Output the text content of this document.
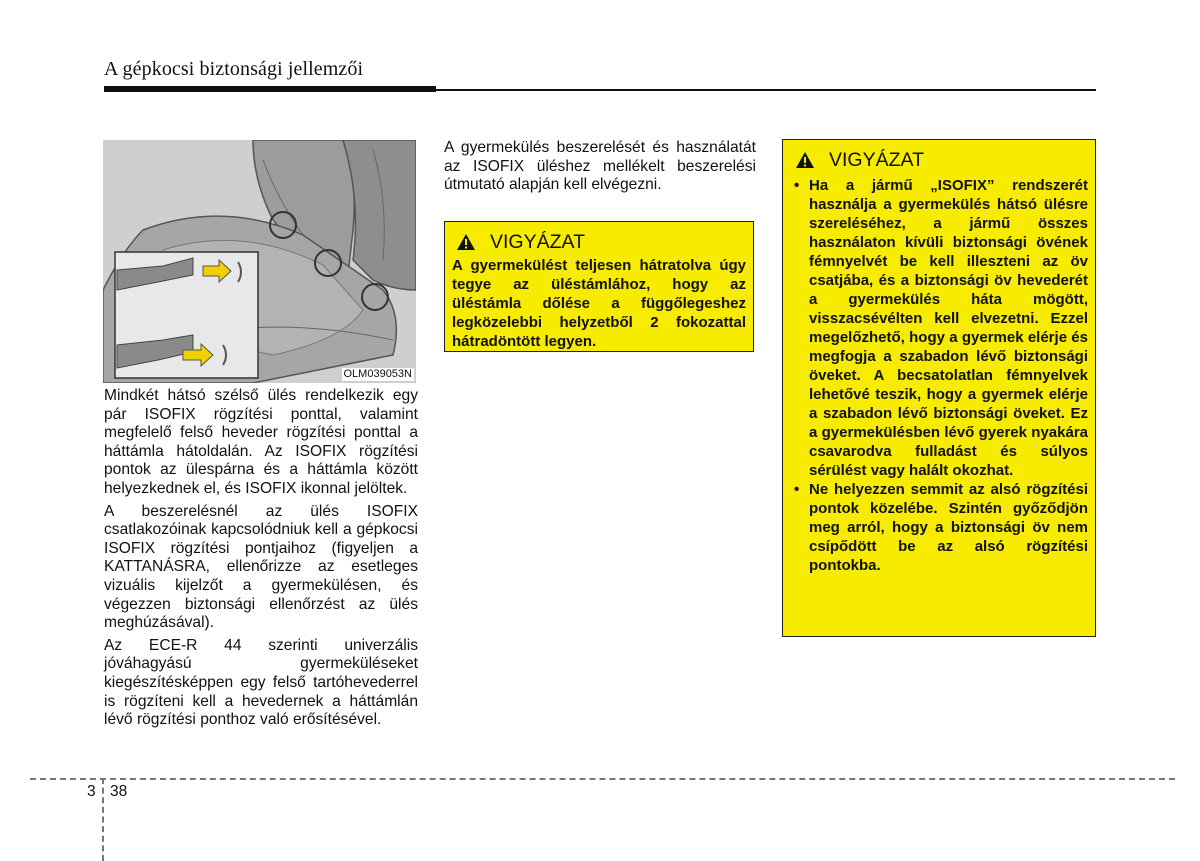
A gépkocsi biztonsági jellemzői
OLM039053N

Mindkét hátsó szélső ülés rendelkezik egy pár ISOFIX rögzítési ponttal, valamint megfelelő felső heveder rögzítési ponttal a háttámla hátoldalán. Az ISOFIX rögzítési pontok az ülespárna és a háttámla között helyezkednek el, és ISOFIX ikonnal jelöltek.

A beszerelésnél az ülés ISOFIX csatlakozóinak kapcsolódniuk kell a gépkocsi ISOFIX rögzítési pontjaihoz (figyeljen a KATTANÁSRA, ellenőrizze az esetleges vizuális kijelzőt a gyermekülésen, és végezzen biztonsági ellenőrzést az ülés meghúzásával).

Az ECE-R 44 szerinti univerzális jóváhagyású gyermeküléseket kiegészítésképpen egy felső tartóhevederrel is rögzíteni kell a hevedernek a háttámlán lévő rögzítési ponthoz való erősítésével.

A gyermekülés beszerelését és használatát az ISOFIX üléshez mellékelt beszerelési útmutató alapján kell elvégezni.

VIGYÁZAT
A gyermekülést teljesen hátratolva úgy tegye az üléstámlához, hogy az üléstámla dőlése a függőlegeshez legközelebbi helyzetből 2 fokozattal hátradöntött legyen.
VIGYÁZAT
• Ha a jármű „ISOFIX” rendszerét használja a gyermekülés hátsó ülésre szereléséhez, a jármű összes használaton kívüli biztonsági övének fémnyelvét be kell illeszteni az öv csatjába, és a biztonsági öv hevederét a gyermekülés háta mögött, visszacsévélten kell elvezetni. Ezzel megelőzhető, hogy a gyermek elérje és megfogja a szabadon lévő biztonsági öveket. A becsatolatlan fémnyelvek lehetővé teszik, hogy a gyermek elérje a szabadon lévő biztonsági öveket. Ez a gyermekülésben lévő gyerek nyakára csavarodva fulladást és súlyos sérülést vagy halált okozhat.
• Ne helyezzen semmit az alsó rögzítési pontok közelébe. Szintén győződjön meg arról, hogy a biztonsági öv nem csípődött be az alsó rögzítési pontokba.
3 38
